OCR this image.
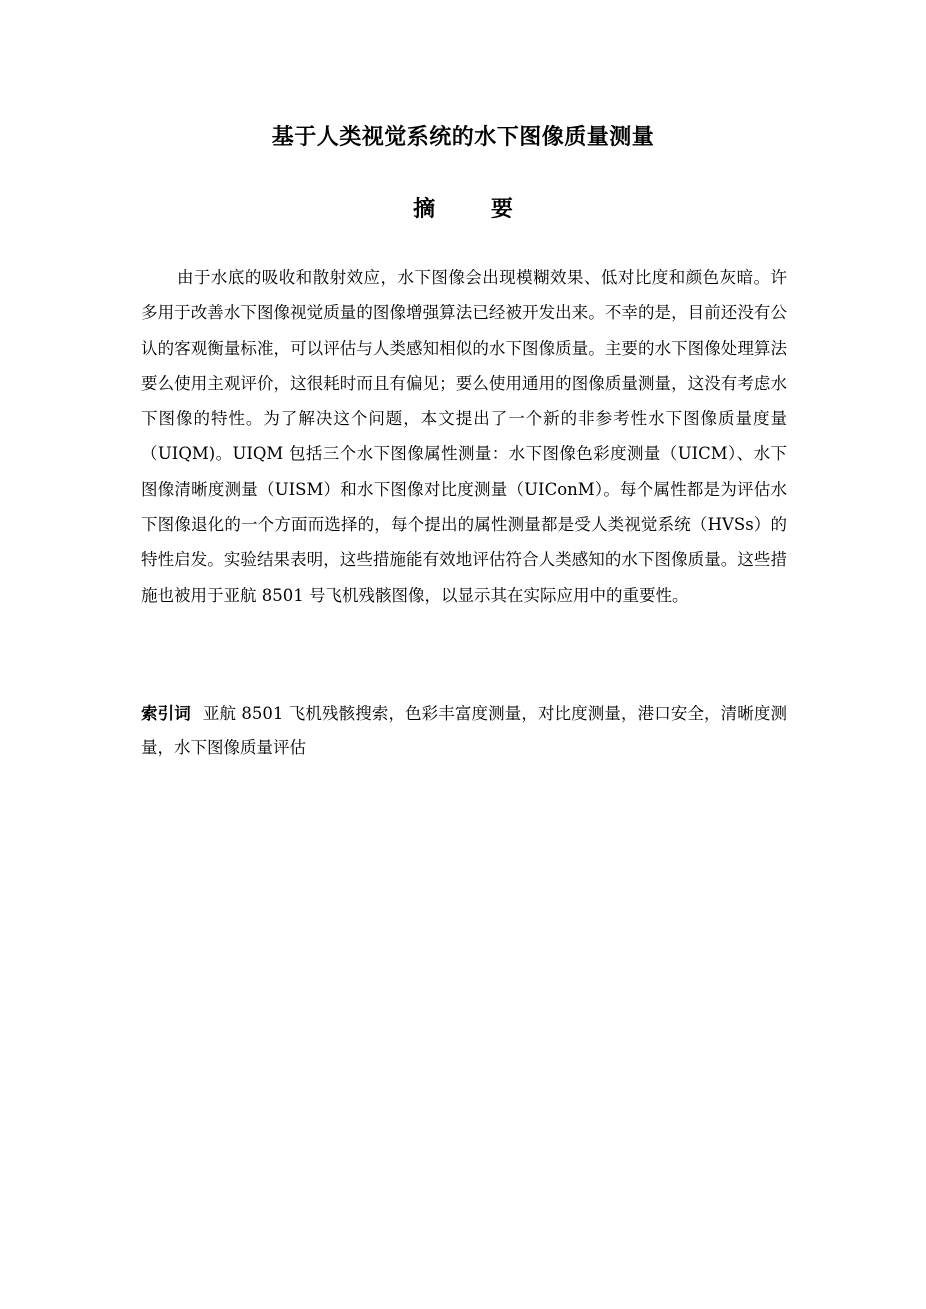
基于人类视觉系统的水下图像质量测量
摘 要

由于水底的吸收和散射效应，水下图像会出现模糊效果、低对比度和颜色灰暗。许多用于改善水下图像视觉质量的图像增强算法已经被开发出来。不幸的是，目前还没有公认的客观衡量标准，可以评估与人类感知相似的水下图像质量。主要的水下图像处理算法要么使用主观评价，这很耗时而且有偏见；要么使用通用的图像质量测量，这没有考虑水下图像的特性。为了解决这个问题，本文提出了一个新的非参考性水下图像质量度量（UIQM)。UIQM 包括三个水下图像属性测量：水下图像色彩度测量（UICM）、水下图像清晰度测量（UISM）和水下图像对比度测量（UIConM）。每个属性都是为评估水下图像退化的一个方面而选择的，每个提出的属性测量都是受人类视觉系统（HVSs）的特性启发。实验结果表明，这些措施能有效地评估符合人类感知的水下图像质量。这些措施也被用于亚航 8501 号飞机残骸图像，以显示其在实际应用中的重要性。

索引词 亚航 8501 飞机残骸搜索，色彩丰富度测量，对比度测量，港口安全，清晰度测量，水下图像质量评估
